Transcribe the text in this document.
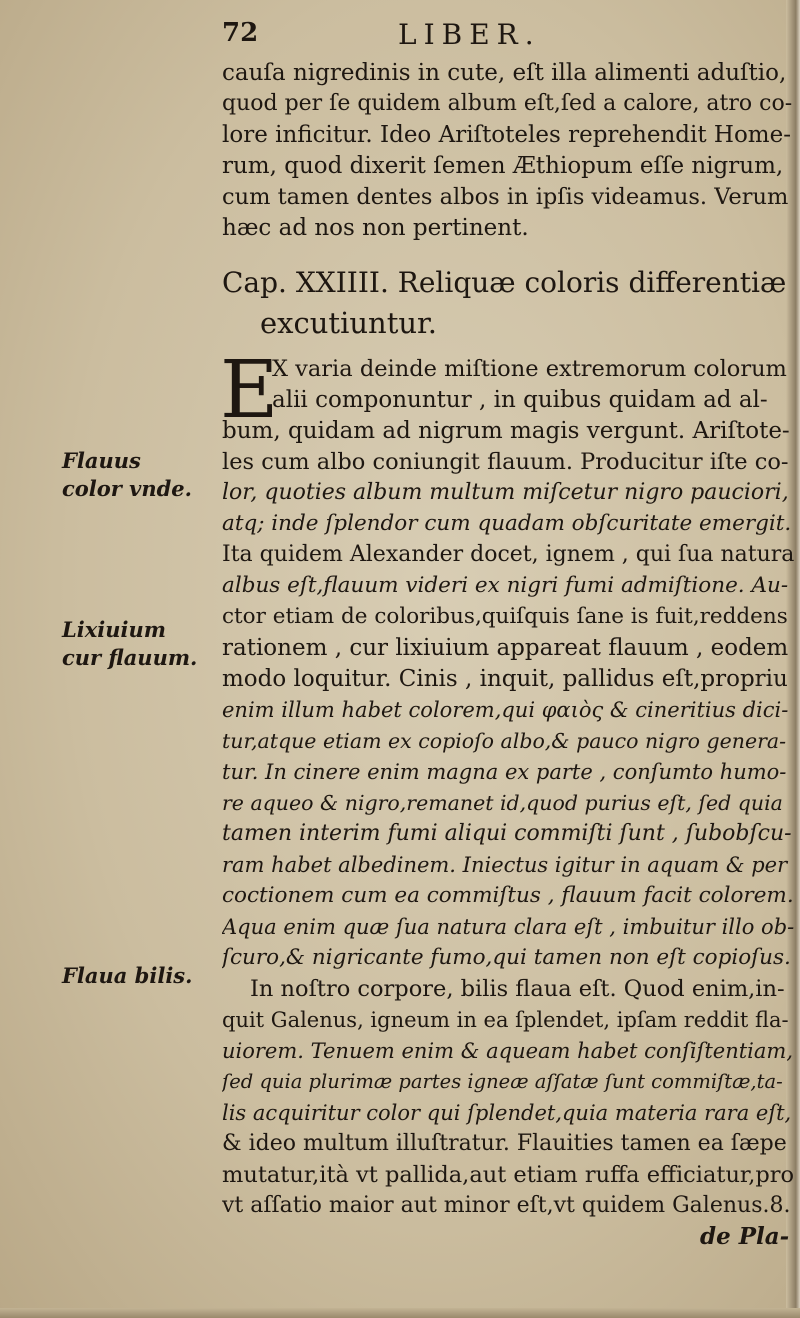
72	LIBER.
cauſa nigredinis in cute, eſt illa alimenti aduſtio,
quod per ſe quidem album eſt,ſed a calore, atro co-
lore inficitur. Ideo Ariſtoteles reprehendit Home-
rum, quod dixerit ſemen Æthiopum eſſe nigrum,
cum tamen dentes albos in ipſis videamus. Verum
hæc ad nos non pertinent.
Cap. XXIIII. Reliquæ coloris differentiæ
excutiuntur.
E
X varia deinde miſtione extremorum colorum
alii componuntur , in quibus quidam ad al-
bum, quidam ad nigrum magis vergunt. Ariſtote-
les cum albo coniungit flauum. Producitur iſte co-
lor, quoties album multum miſcetur nigro pauciori,
atq; inde ſplendor cum quadam obſcuritate emergit.
Ita quidem Alexander docet, ignem , qui ſua natura
albus eſt,flauum videri ex nigri fumi admiſtione. Au-
ctor etiam de coloribus,quiſquis ſane is fuit,reddens
rationem , cur lixiuium appareat flauum , eodem
modo loquitur. Cinis , inquit, pallidus eſt,propriu
enim illum habet colorem,qui φαιὸς & cineritius dici-
tur,atque etiam ex copioſo albo,& pauco nigro genera-
tur. In cinere enim magna ex parte , conſumto humo-
re aqueo & nigro,remanet id,quod purius eſt, ſed quia
tamen interim fumi aliqui commiſti ſunt , ſubobſcu-
ram habet albedinem. Iniectus igitur in aquam & per
coctionem cum ea commiſtus , flauum facit colorem.
Aqua enim quæ ſua natura clara eſt , imbuitur illo ob-
ſcuro,& nigricante fumo,qui tamen non eſt copioſus.
In noſtro corpore, bilis flaua eſt. Quod enim,in-
quit Galenus, igneum in ea ſplendet, ipſam reddit fla-
uiorem. Tenuem enim & aqueam habet conſiſtentiam,
ſed quia plurimæ partes igneæ aſſatæ ſunt commiſtæ,ta-
lis acquiritur color qui ſplendet,quia materia rara eſt,
& ideo multum illuſtratur. Flauities tamen ea ſæpe
mutatur,ità vt pallida,aut etiam ruffa efficiatur,pro
vt aſſatio maior aut minor eſt,vt quidem Galenus.8.
de Pla-
Flauus
color vnde.
Lixiuium
cur flauum.
Flaua bilis.
